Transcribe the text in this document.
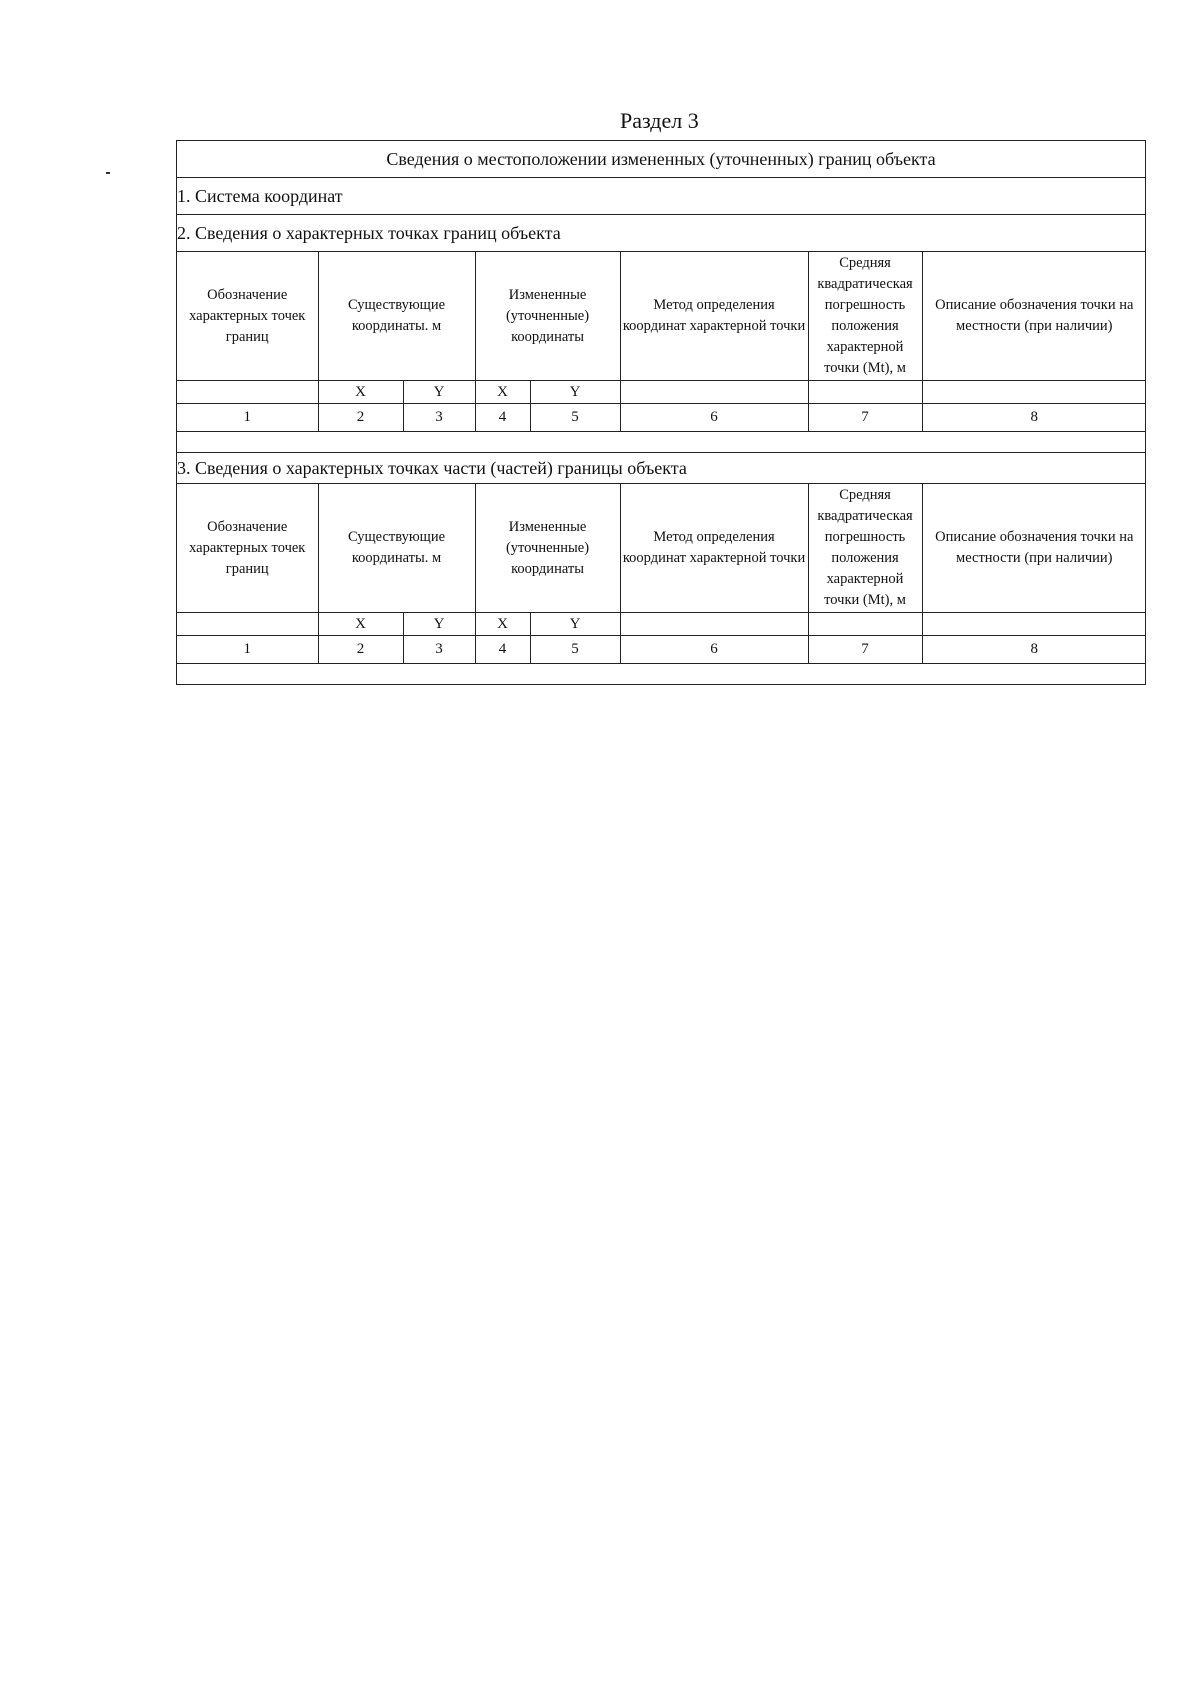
Раздел 3
Сведения о местоположении измененных (уточненных) границ объекта
1. Система координат
2. Сведения о характерных точках границ объекта

Обозначение характерных точек границ	Существующие координаты. м	Измененные (уточненные) координаты	Метод определения координат характерной точки	Средняя квадратическая погрешность положения характерной точки (Mt), м	Описание обозначения точки на местности (при наличии)
	X	Y	X	Y			
1	2	3	4	5	6	7	8

3. Сведения о характерных точках части (частей) границы объекта

Обозначение характерных точек границ	Существующие координаты. м	Измененные (уточненные) координаты	Метод определения координат характерной точки	Средняя квадратическая погрешность положения характерной точки (Mt), м	Описание обозначения точки на местности (при наличии)
	X	Y	X	Y			
1	2	3	4	5	6	7	8
